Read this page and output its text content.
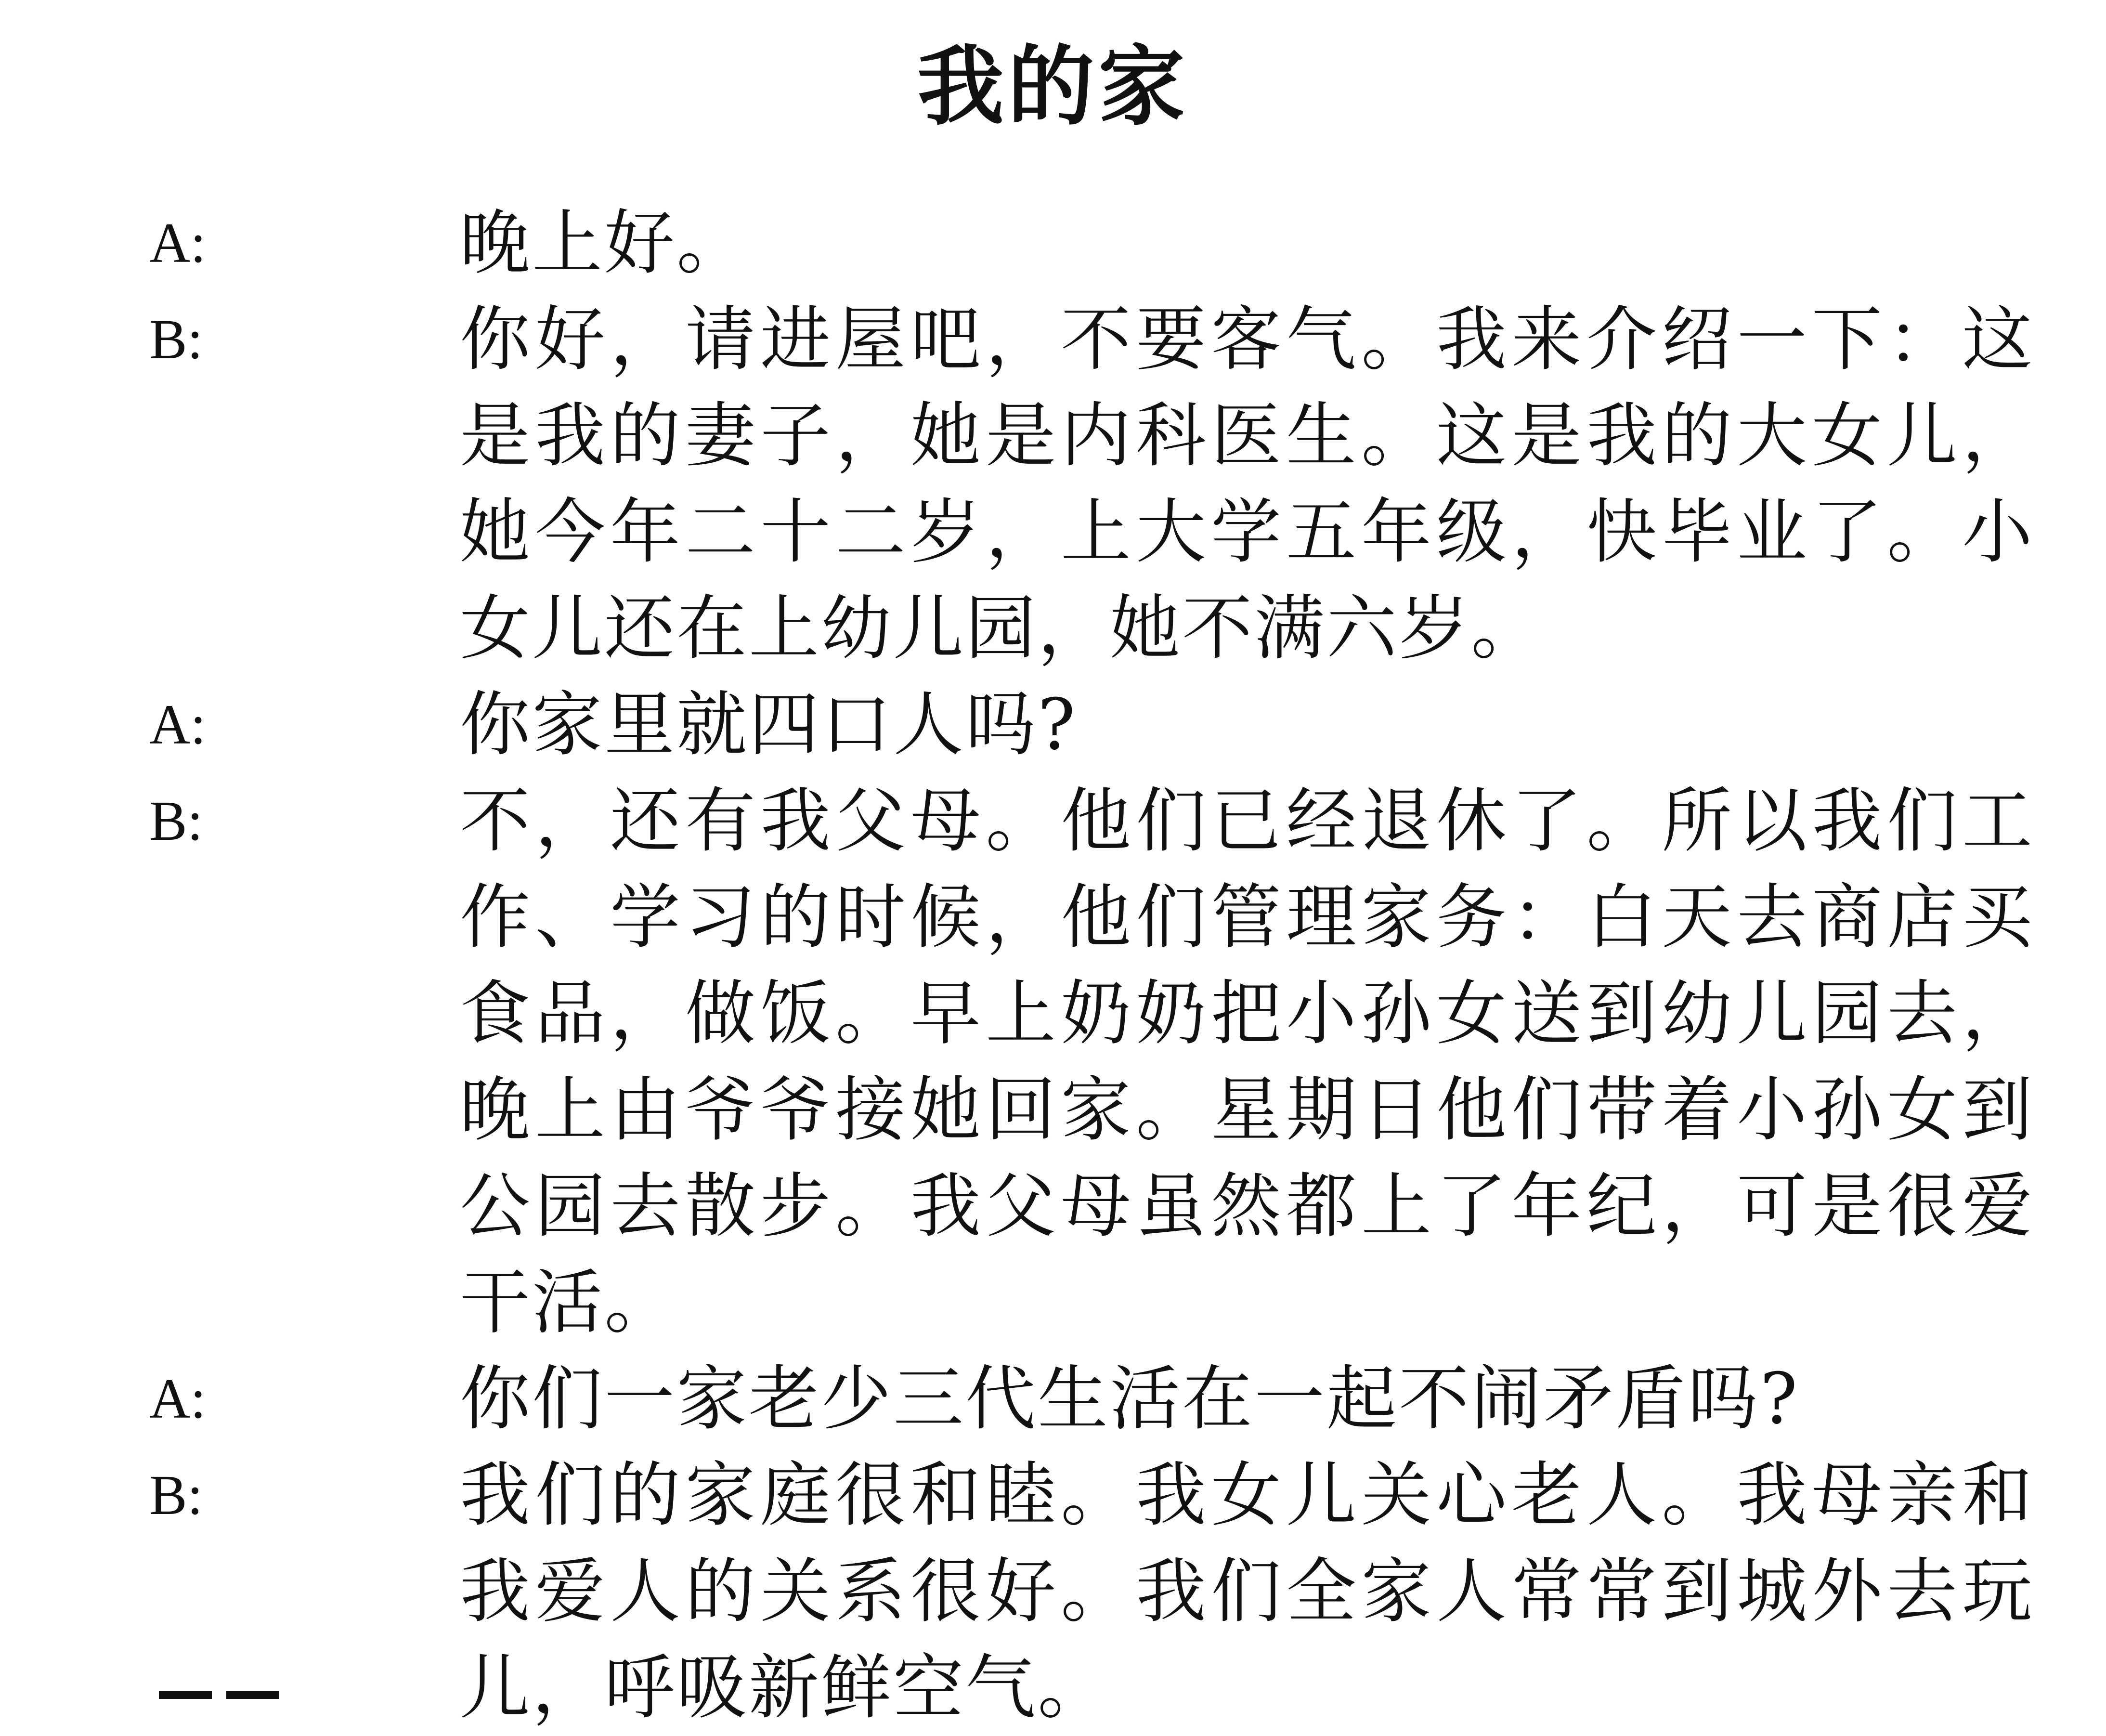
我的家
A:	晚上好。
B:	你好，请进屋吧，不要客气。我来介绍一下：这是我的妻子，她是内科医生。这是我的大女儿，她今年二十二岁，上大学五年级，快毕业了。小女儿还在上幼儿园，她不满六岁。
A:	你家里就四口人吗?
B:	不，还有我父母。他们已经退休了。所以我们工作、学习的时候，他们管理家务：白天去商店买食品，做饭。早上奶奶把小孙女送到幼儿园去，晚上由爷爷接她回家。星期日他们带着小孙女到公园去散步。我父母虽然都上了年纪，可是很爱干活。
A:	你们一家老少三代生活在一起不闹矛盾吗?
B:	我们的家庭很和睦。我女儿关心老人。我母亲和我爱人的关系很好。我们全家人常常到城外去玩儿，呼吸新鲜空气。
